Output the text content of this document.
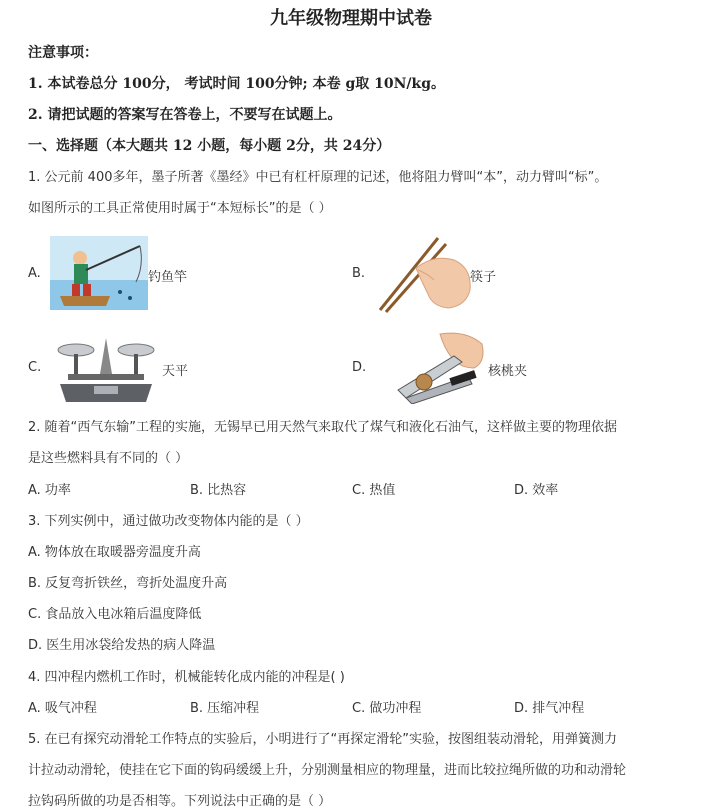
九年级物理期中试卷
注意事项：
1. 本试卷总分 100分， 考试时间 100分钟; 本卷 g取 10N/kg。
2. 请把试题的答案写在答卷上，不要写在试题上。
一、选择题（本大题共 12 小题，每小题 2分，共 24分）
1. 公元前 400多年，墨子所著《墨经》中已有杠杆原理的记述，他将阻力臂叫“本”，动力臂叫“标”。
如图所示的工具正常使用时属于“本短标长”的是（ ）
A.	钓鱼竿	B.	筷子
C.	天平	D.	核桃夹
2. 随着“西气东输”工程的实施，无锡早已用天然气来取代了煤气和液化石油气，这样做主要的物理依据
是这些燃料具有不同的（ ）
A. 功率	B. 比热容	C. 热值	D. 效率
3. 下列实例中，通过做功改变物体内能的是（ ）
A. 物体放在取暖器旁温度升高
B. 反复弯折铁丝，弯折处温度升高
C. 食品放入电冰箱后温度降低
D. 医生用冰袋给发热的病人降温
4. 四冲程内燃机工作时，机械能转化成内能的冲程是( )
A. 吸气冲程	B. 压缩冲程	C. 做功冲程	D. 排气冲程
5. 在已有探究动滑轮工作特点的实验后，小明进行了“再探定滑轮”实验，按图组装动滑轮，用弹簧测力
计拉动动滑轮，使挂在它下面的钩码缓缓上升，分别测量相应的物理量，进而比较拉绳所做的功和动滑轮
拉钩码所做的功是否相等。下列说法中正确的是（ ）
